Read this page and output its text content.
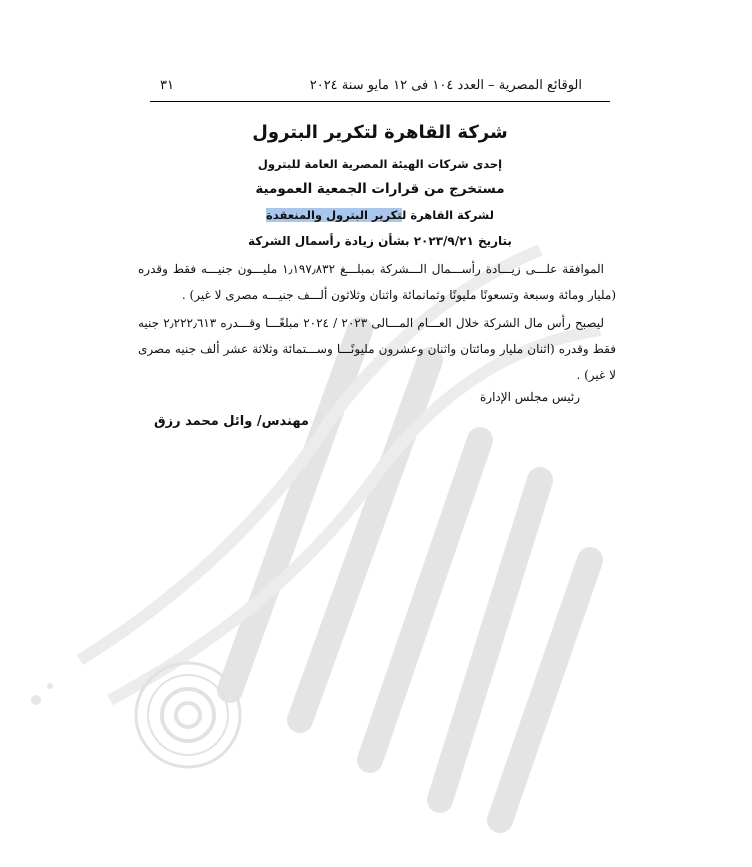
الوقائع المصرية – العدد ١٠٤ فى ١٢ مايو سنة ٢٠٢٤
٣١
شركة القاهرة لتكرير البترول
إحدى شركات الهيئة المصرية العامة للبترول
مستخرج من قرارات الجمعية العمومية
لشركة القاهرة لتكرير البترول والمنعقدة
بتاريخ ٢٠٢٣/٩/٢١ بشأن زيادة رأسمال الشركة
الموافقة علـــى زيـــادة رأســـمال الـــشركة بمبلـــغ ١٫١٩٧٫٨٣٢ مليـــون جنيـــه فقط وقدره (مليار ومائة وسبعة وتسعونًا مليونًا وثمانمائة واثنان وثلاثون ألـــف جنيـــه مصرى لا غير) .
ليصبح رأس مال الشركة خلال العـــام المـــالى ٢٠٢٣ / ٢٠٢٤ مبلغًـــا وقـــدره ٢٫٢٢٢٫٦١٣ جنيه فقط وقدره (اثنان مليار ومائتان واثنان وعشرون مليونًـــا وســـتمائة وثلاثة عشر ألف جنيه مصرى لا غير) .
رئيس مجلس الإدارة
مهندس/ وائل محمد رزق
